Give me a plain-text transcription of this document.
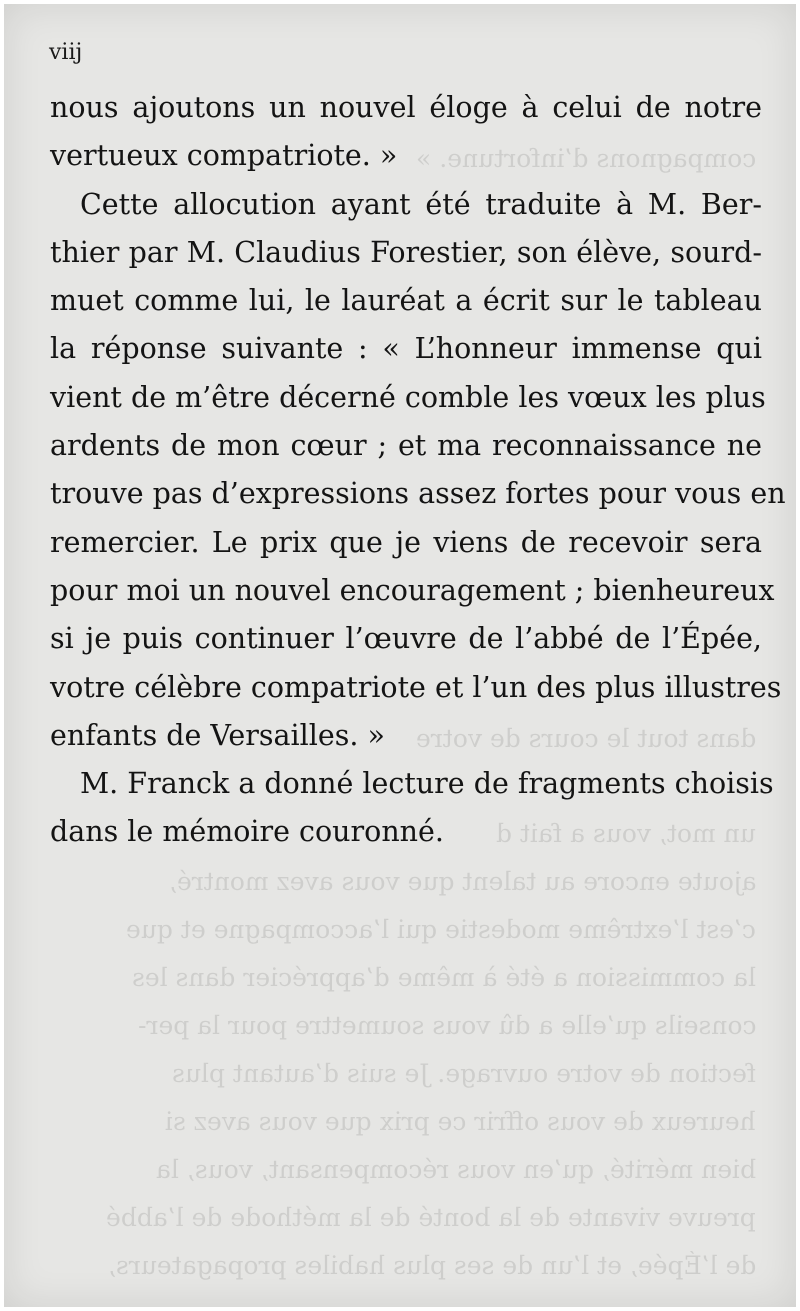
compagnons d’infortune. »
dans tout le cours de votre
un mot, vous a fait d
ajoute encore au talent que vous avez montré,
c’est l’extrême modestie qui l’accompagne et que
la commission a été à même d’apprécier dans les
conseils qu’elle a dû vous soumettre pour la per-
fection de votre ouvrage. Je suis d’autant plus
heureux de vous offrir ce prix que vous avez si
bien mérité, qu’en vous récompensant, vous, la
preuve vivante de la bonté de la méthode de l’abbé
de l’Épée, et l’un de ses plus habiles propagateurs,
viij
nous ajoutons un nouvel éloge à celui de notre
vertueux compatriote. »
Cette allocution ayant été traduite à M. Ber-
thier par M. Claudius Forestier, son élève, sourd-
muet comme lui, le lauréat a écrit sur le tableau
la réponse suivante : « L’honneur immense qui
vient de m’être décerné comble les vœux les plus
ardents de mon cœur ; et ma reconnaissance ne
trouve pas d’expressions assez fortes pour vous en
remercier. Le prix que je viens de recevoir sera
pour moi un nouvel encouragement ; bienheureux
si je puis continuer l’œuvre de l’abbé de l’Épée,
votre célèbre compatriote et l’un des plus illustres
enfants de Versailles. »
M. Franck a donné lecture de fragments choisis
dans le mémoire couronné.
